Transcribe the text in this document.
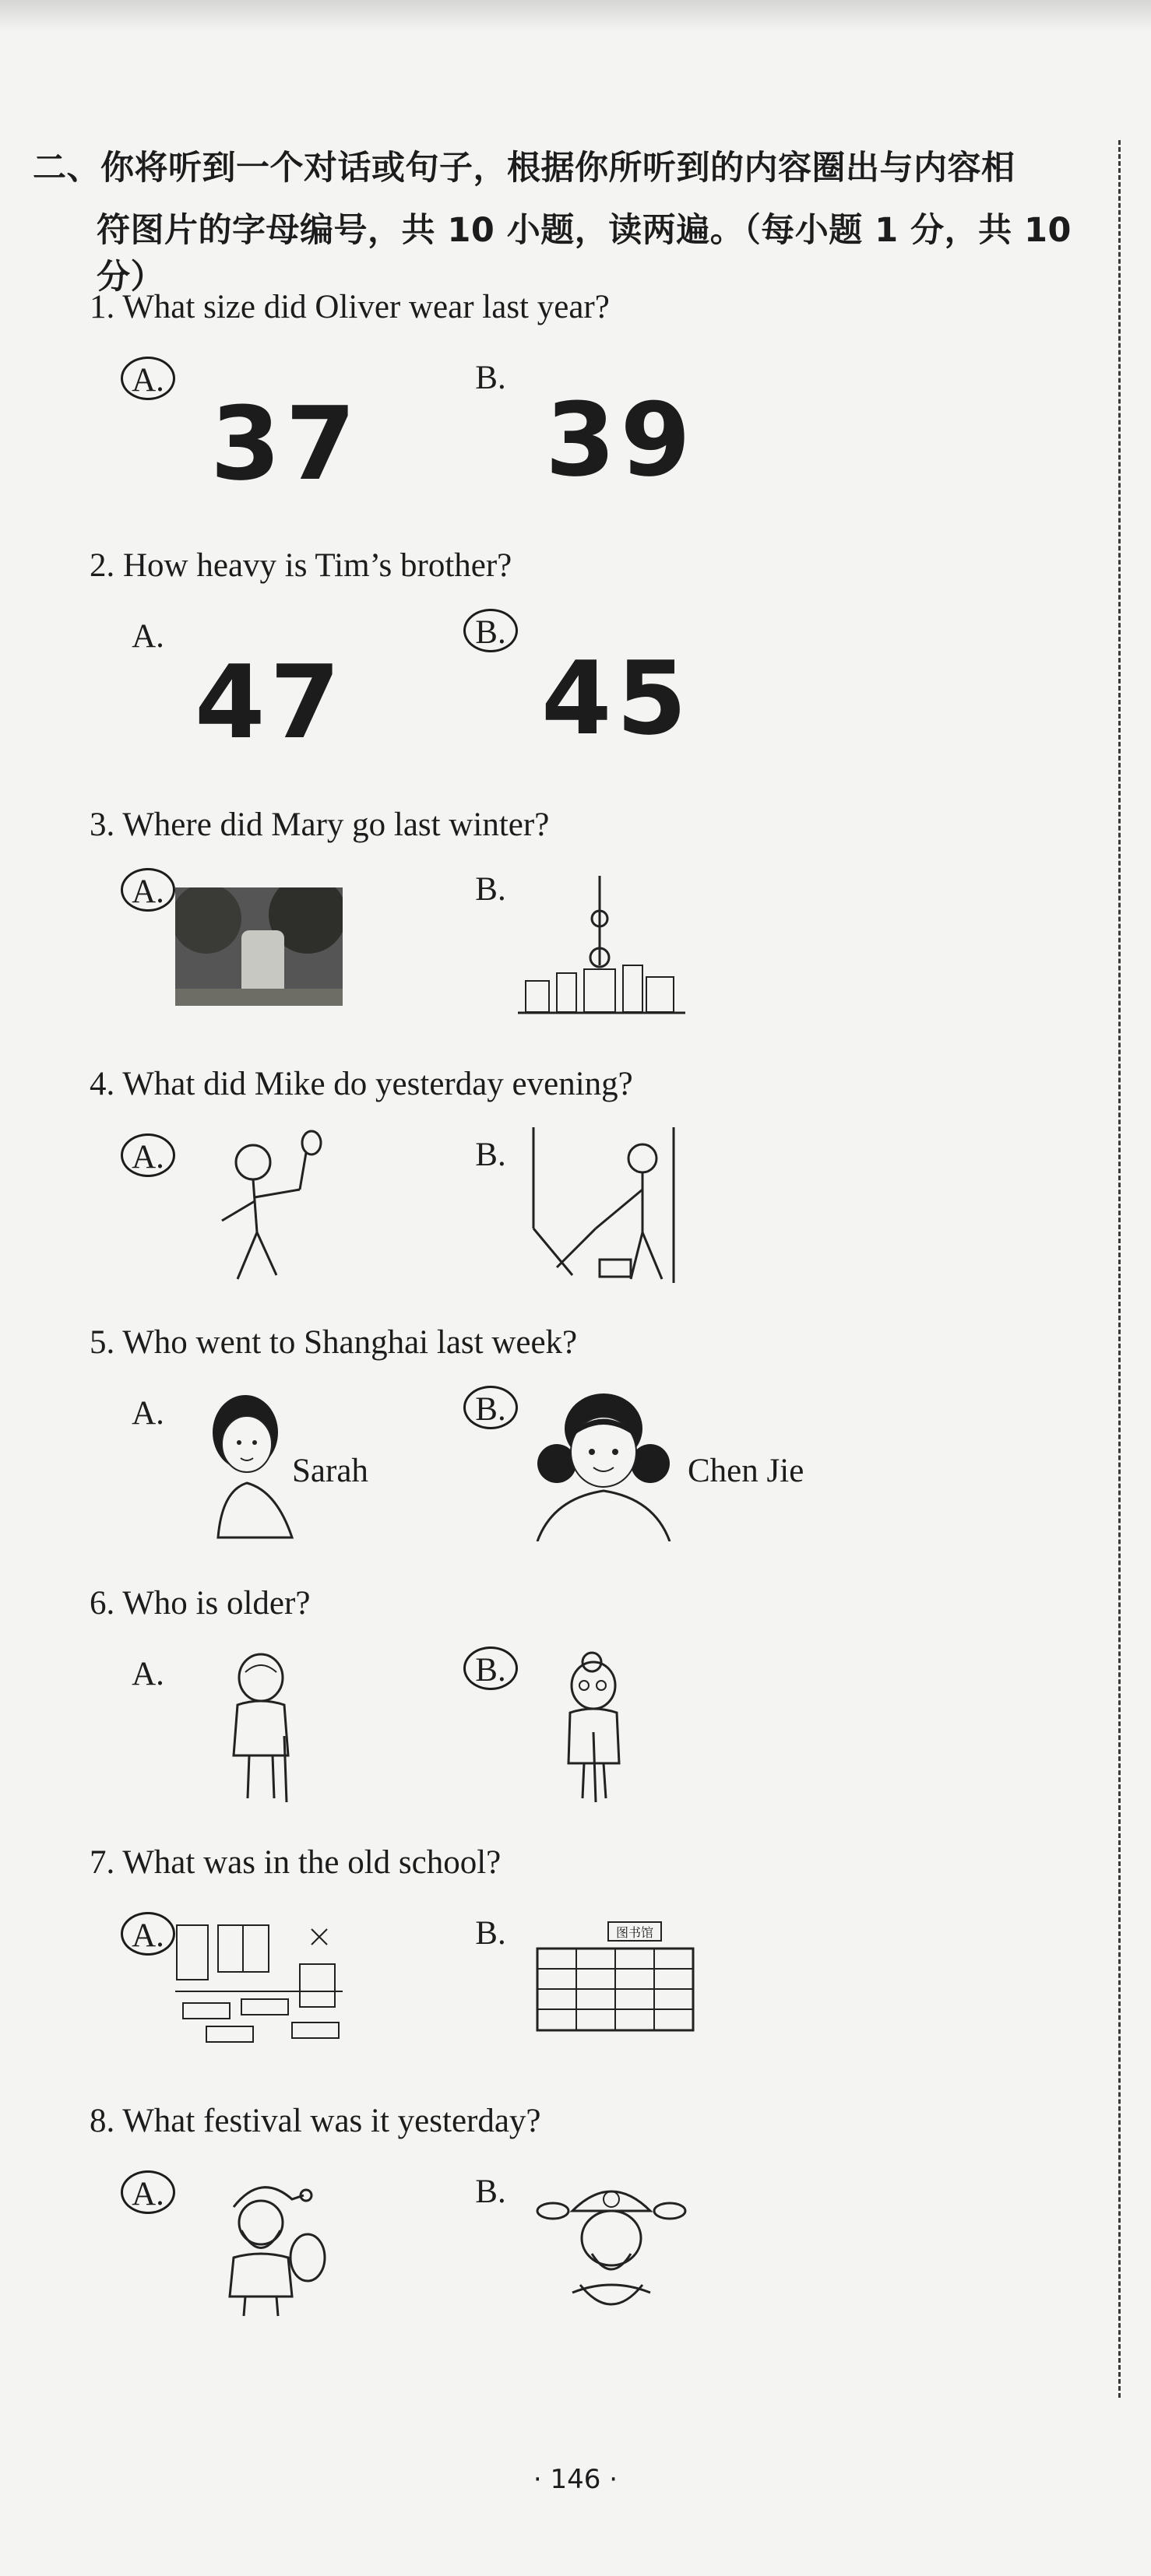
二、你将听到一个对话或句子，根据你所听到的内容圈出与内容相
符图片的字母编号，共 10 小题，读两遍。（每小题 1 分，共 10 分）
1. What size did Oliver wear last year?
A.
37
B.
39
2. How heavy is Tim’s brother?
A.
47
B.
45
3. Where did Mary go last winter?
A.	B.
4. What did Mike do yesterday evening?
A.	B.
5. Who went to Shanghai last week?
A.
Sarah
B.
Chen Jie
6. Who is older?
A.	B.
7. What was in the old school?
A.	B.	图书馆
8. What festival was it yesterday?
A.	B.
· 146 ·
